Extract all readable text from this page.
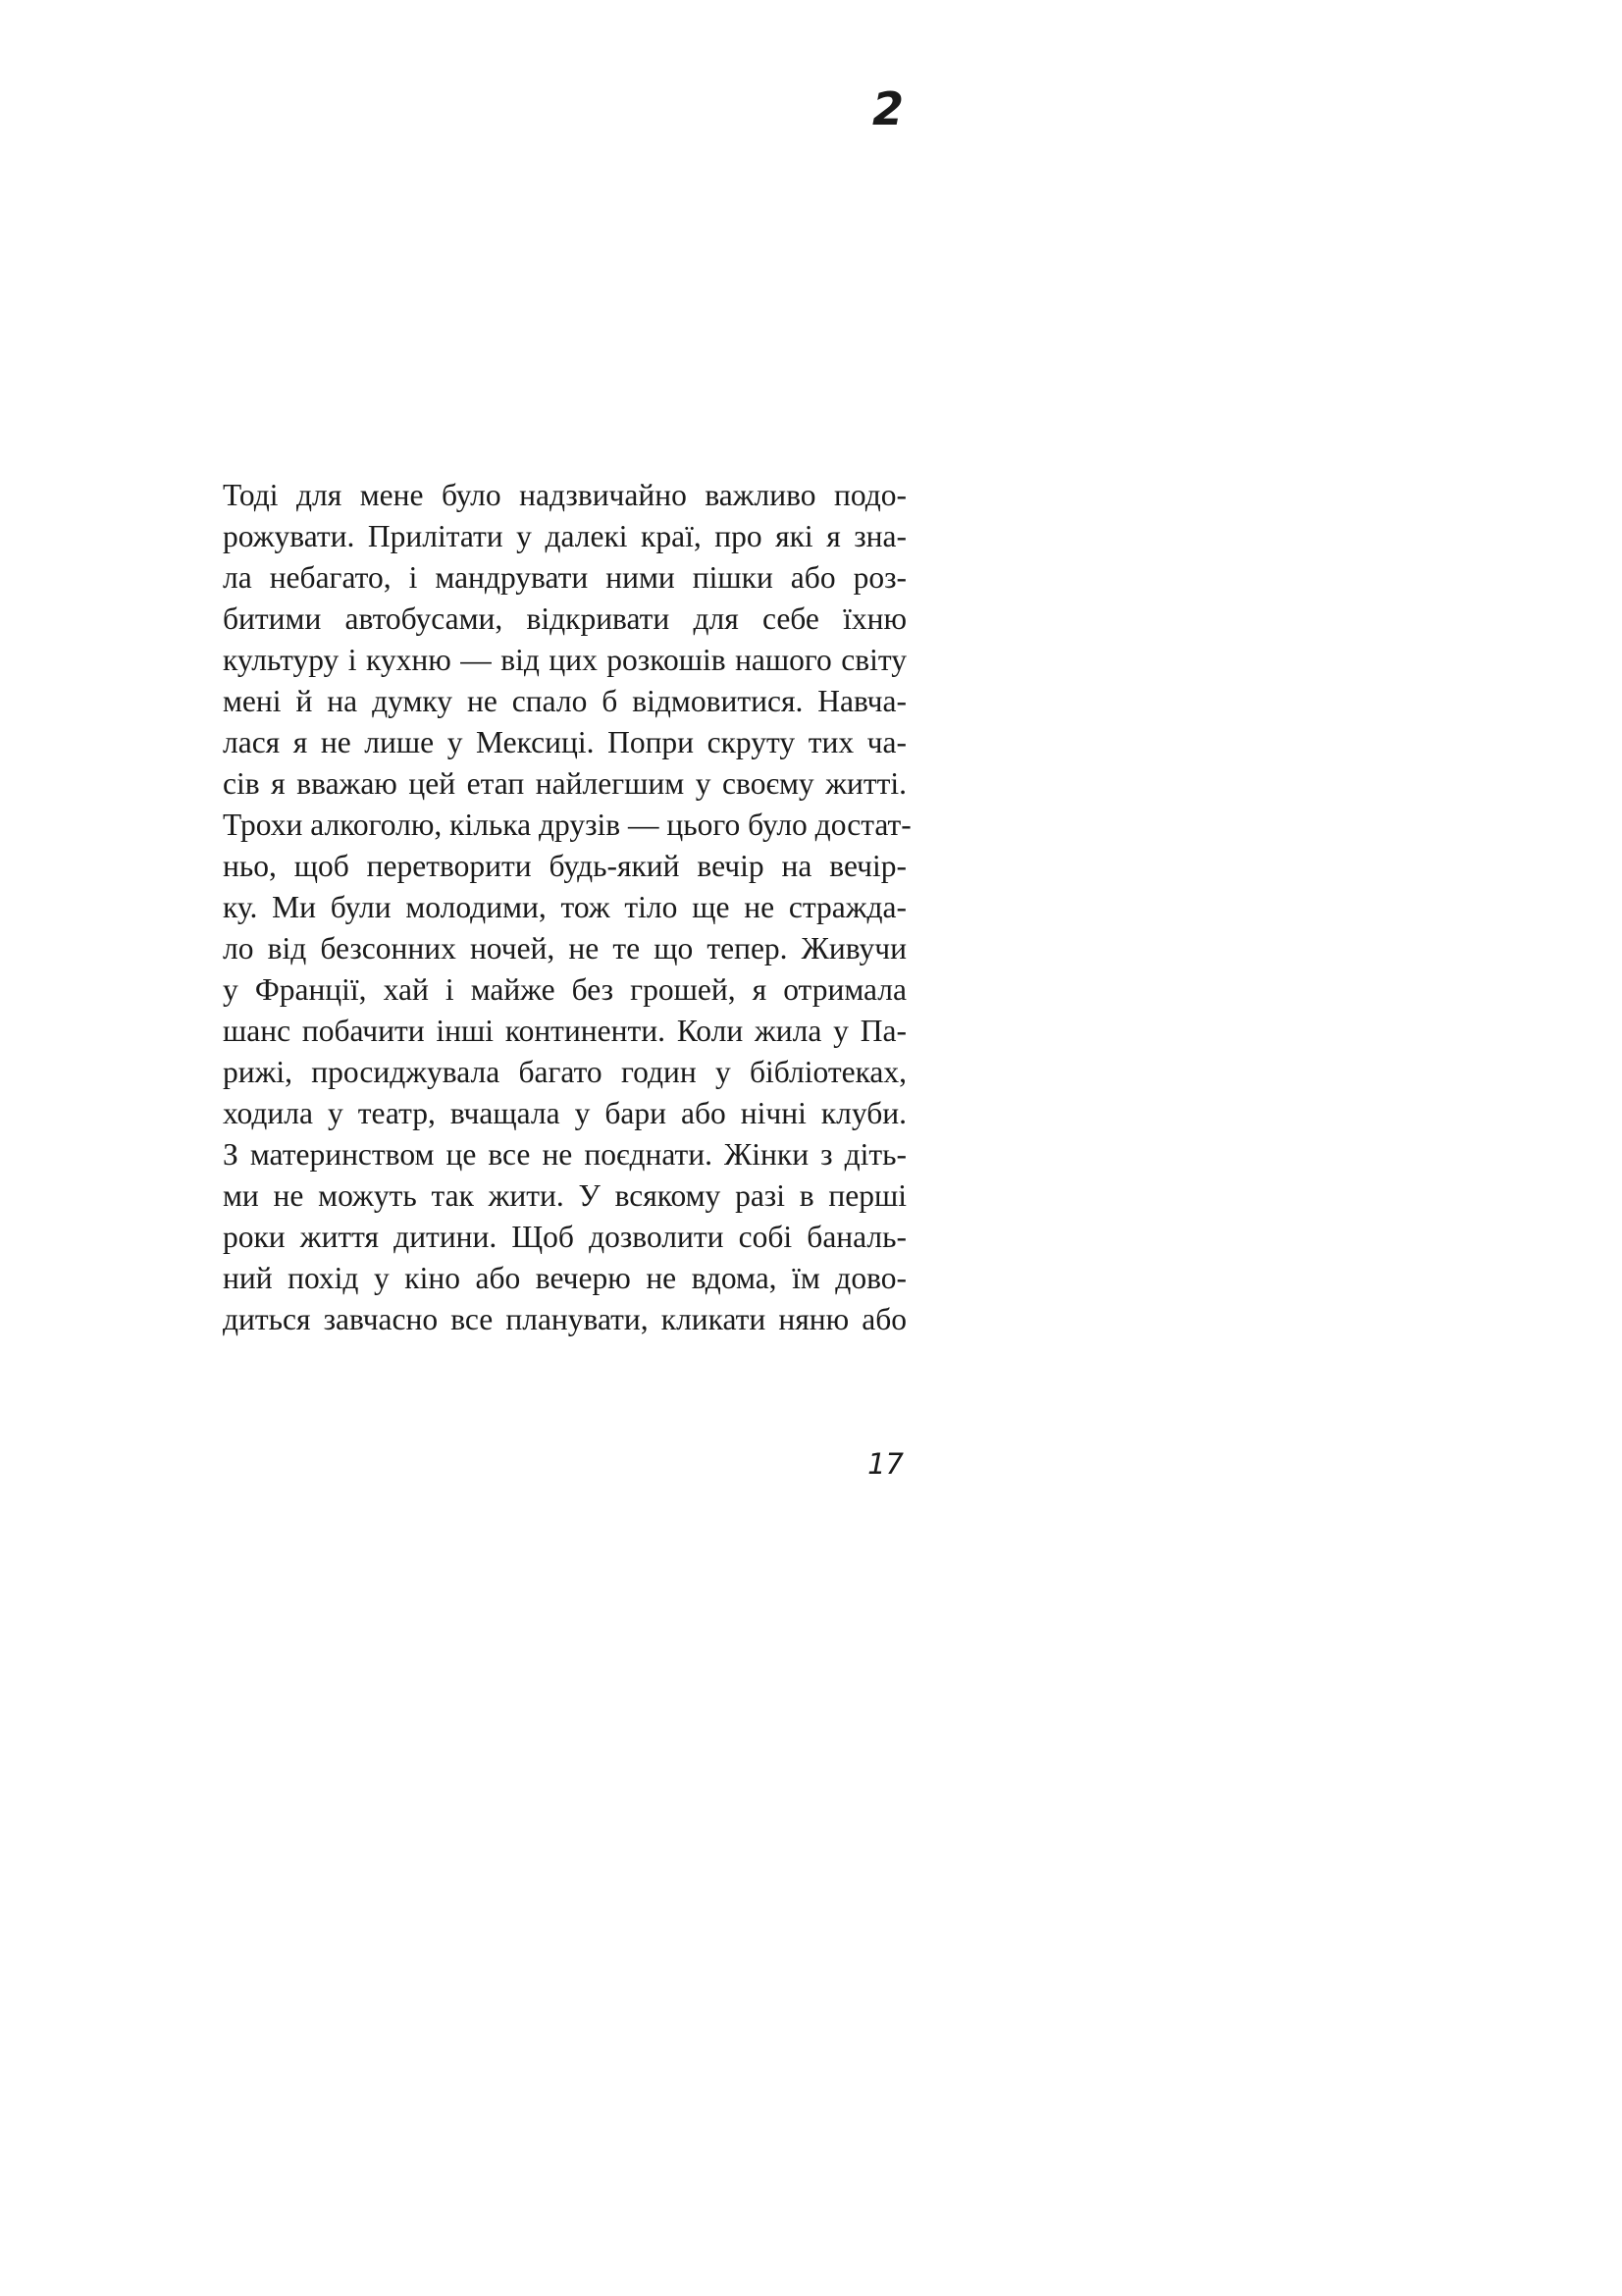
2
Тоді для мене було надзвичайно важливо подо-
рожувати. Прилітати у далекі краї, про які я зна-
ла небагато, і мандрувати ними пішки або роз-
битими автобусами, відкривати для себе їхню
культуру і кухню — від цих розкошів нашого світу
мені й на думку не спало б відмовитися. Навча-
лася я не лише у Мексиці. Попри скруту тих ча-
сів я вважаю цей етап найлегшим у своєму житті.
Трохи алкоголю, кілька друзів — цього було достат-
ньо, щоб перетворити будь-який вечір на вечір-
ку. Ми були молодими, тож тіло ще не стражда-
ло від безсонних ночей, не те що тепер. Живучи
у Франції, хай і майже без грошей, я отримала
шанс побачити інші континенти. Коли жила у Па-
рижі, просиджувала багато годин у бібліотеках,
ходила у театр, вчащала у бари або нічні клуби.
З материнством це все не поєднати. Жінки з діть-
ми не можуть так жити. У всякому разі в перші
роки життя дитини. Щоб дозволити собі баналь-
ний похід у кіно або вечерю не вдома, їм дово-
диться завчасно все планувати, кликати няню або
17
